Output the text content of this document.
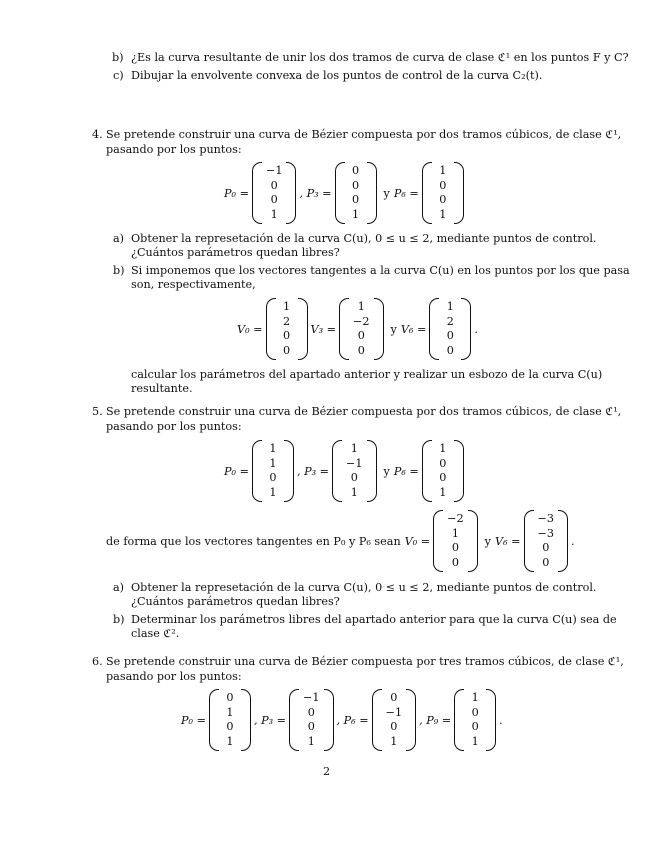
b) ¿Es la curva resultante de unir los dos tramos de curva de clase ℭ¹ en los puntos F y C?
c) Dibujar la envolvente convexa de los puntos de control de la curva C₂(t).
4. Se pretende construir una curva de Bézier compuesta por dos tramos cúbicos, de clase ℭ¹,
pasando por los puntos:
P₀ =
−1
0
0
1
, P₃ =
0
0
0
1
y P₆ =
1
0
0
1
a) Obtener la represetación de la curva C(u), 0 ≤ u ≤ 2, mediante puntos de control.
¿Cuántos parámetros quedan libres?
b) Si imponemos que los vectores tangentes a la curva C(u) en los puntos por los que pasa
son, respectivamente,
V₀ =
1
2
0
0
V₃ =
1
−2
0
0
y V₆ =
1
2
0
0
.
calcular los parámetros del apartado anterior y realizar un esbozo de la curva C(u)
resultante.
5. Se pretende construir una curva de Bézier compuesta por dos tramos cúbicos, de clase ℭ¹,
pasando por los puntos:
P₀ =
1
1
0
1
, P₃ =
1
−1
0
1
y P₆ =
1
0
0
1
de forma que los vectores tangentes en P₀ y P₆ sean V₀ =
−2
1
0
0
y V₆ =
−3
−3
0
0
.
a) Obtener la represetación de la curva C(u), 0 ≤ u ≤ 2, mediante puntos de control.
¿Cuántos parámetros quedan libres?
b) Determinar los parámetros libres del apartado anterior para que la curva C(u) sea de
clase ℭ².
6. Se pretende construir una curva de Bézier compuesta por tres tramos cúbicos, de clase ℭ¹,
pasando por los puntos:
P₀ =
0
1
0
1
, P₃ =
−1
0
0
1
, P₆ =
0
−1
0
1
, P₉ =
1
0
0
1
.
2
